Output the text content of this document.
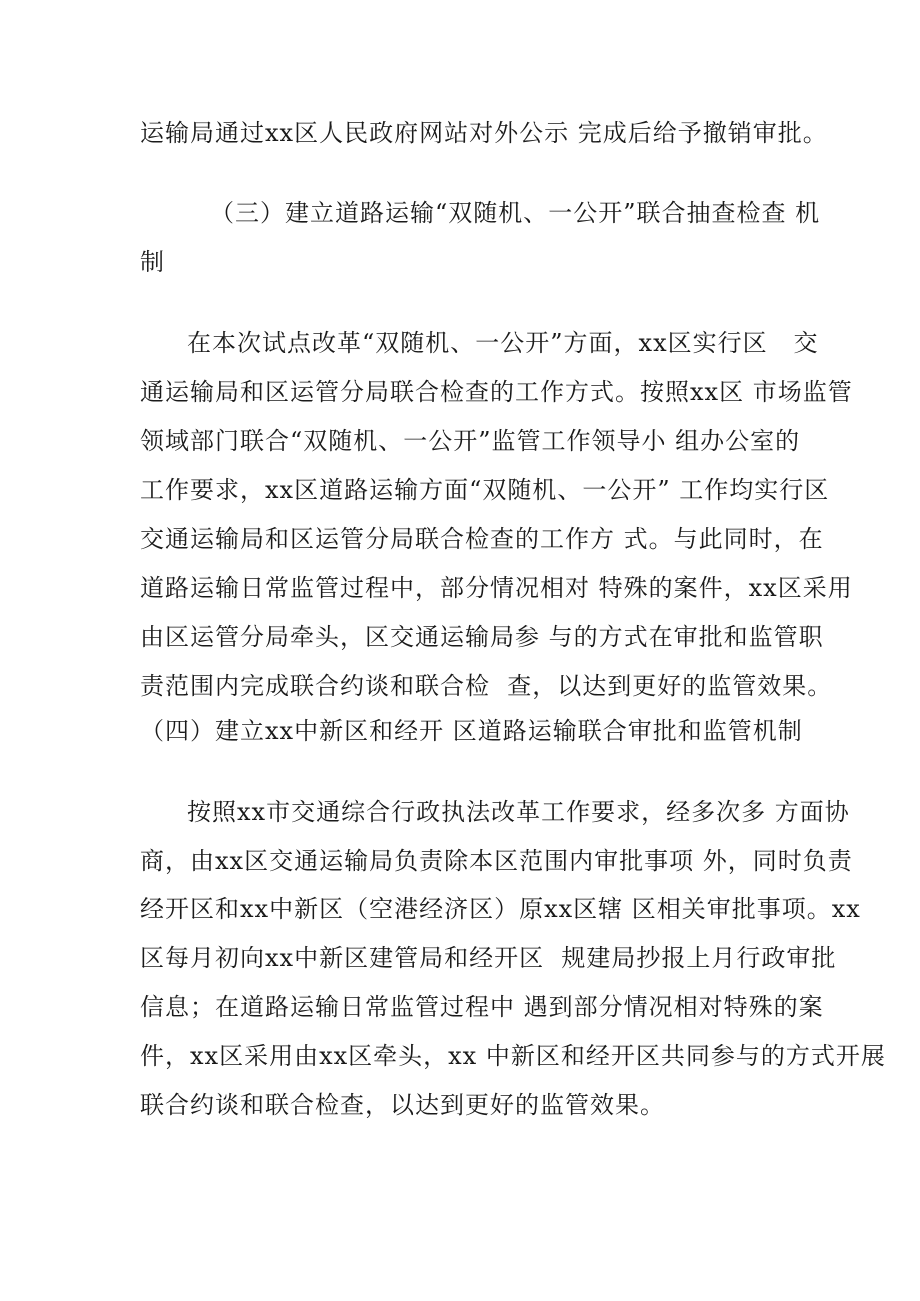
运输局通过xx区人民政府网站对外公示 完成后给予撤销审批。
（三）建立道路运输“双随机、一公开”联合抽查检查 机
制
在本次试点改革“双随机、一公开”方面，xx区实行区   交
通运输局和区运管分局联合检查的工作方式。按照xx区 市场监管
领域部门联合“双随机、一公开”监管工作领导小 组办公室的
工作要求，xx区道路运输方面“双随机、一公开” 工作均实行区
交通运输局和区运管分局联合检查的工作方 式。与此同时，在
道路运输日常监管过程中，部分情况相对 特殊的案件，xx区采用
由区运管分局牵头，区交通运输局参 与的方式在审批和监管职
责范围内完成联合约谈和联合检  查，以达到更好的监管效果。
（四）建立xx中新区和经开 区道路运输联合审批和监管机制
按照xx市交通综合行政执法改革工作要求，经多次多 方面协
商，由xx区交通运输局负责除本区范围内审批事项 外，同时负责
经开区和xx中新区（空港经济区）原xx区辖 区相关审批事项。xx
区每月初向xx中新区建管局和经开区  规建局抄报上月行政审批
信息；在道路运输日常监管过程中 遇到部分情况相对特殊的案
件，xx区采用由xx区牵头，xx 中新区和经开区共同参与的方式开展
联合约谈和联合检查，以达到更好的监管效果。
